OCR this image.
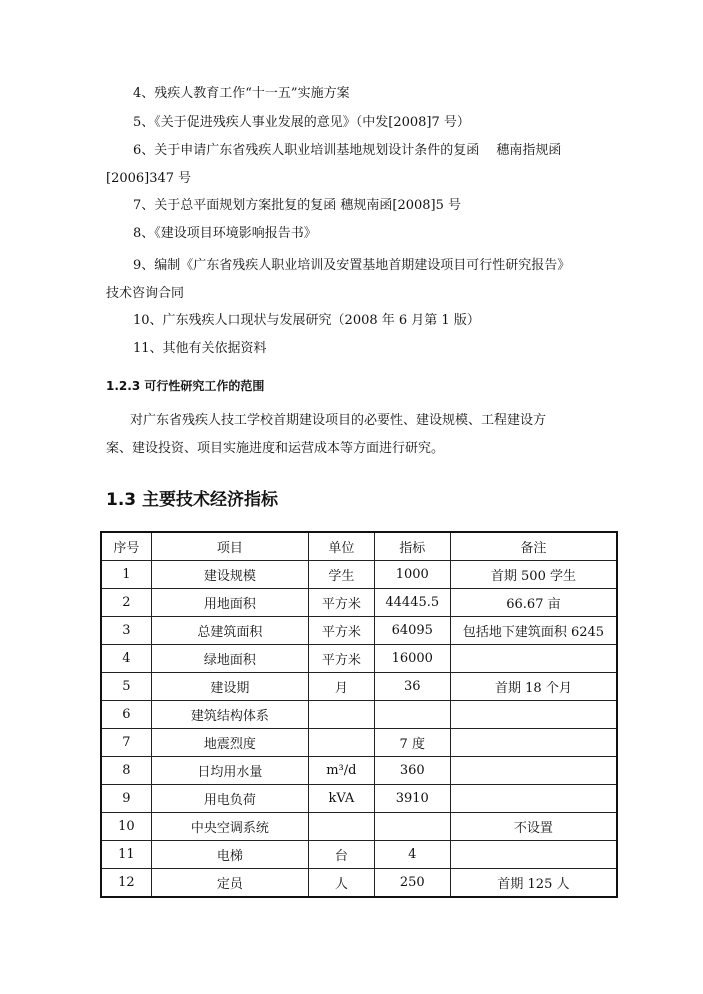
4、残疾人教育工作“十一五”实施方案
5、《关于促进残疾人事业发展的意见》（中发[2008]7 号）
6、关于申请广东省残疾人职业培训基地规划设计条件的复函　 穗南指规函
[2006]347 号
7、关于总平面规划方案批复的复函 穗规南函[2008]5 号
8、《建设项目环境影响报告书》
9、编制《广东省残疾人职业培训及安置基地首期建设项目可行性研究报告》
技术咨询合同
10、广东残疾人口现状与发展研究（2008 年 6 月第 1 版）
11、其他有关依据资料
1.2.3 可行性研究工作的范围
对广东省残疾人技工学校首期建设项目的必要性、建设规模、工程建设方
案、建设投资、项目实施进度和运营成本等方面进行研究。
1.3 主要技术经济指标
序号	项目	单位	指标	备注
1	建设规模	学生	1000	首期 500 学生
2	用地面积	平方米	44445.5	66.67 亩
3	总建筑面积	平方米	64095	包括地下建筑面积 6245
4	绿地面积	平方米	16000	
5	建设期	月	36	首期 18 个月
6	建筑结构体系			
7	地震烈度		7 度	
8	日均用水量	m³/d	360	
9	用电负荷	kVA	3910	
10	中央空调系统			不设置
11	电梯	台	4	
12	定员	人	250	首期 125 人
